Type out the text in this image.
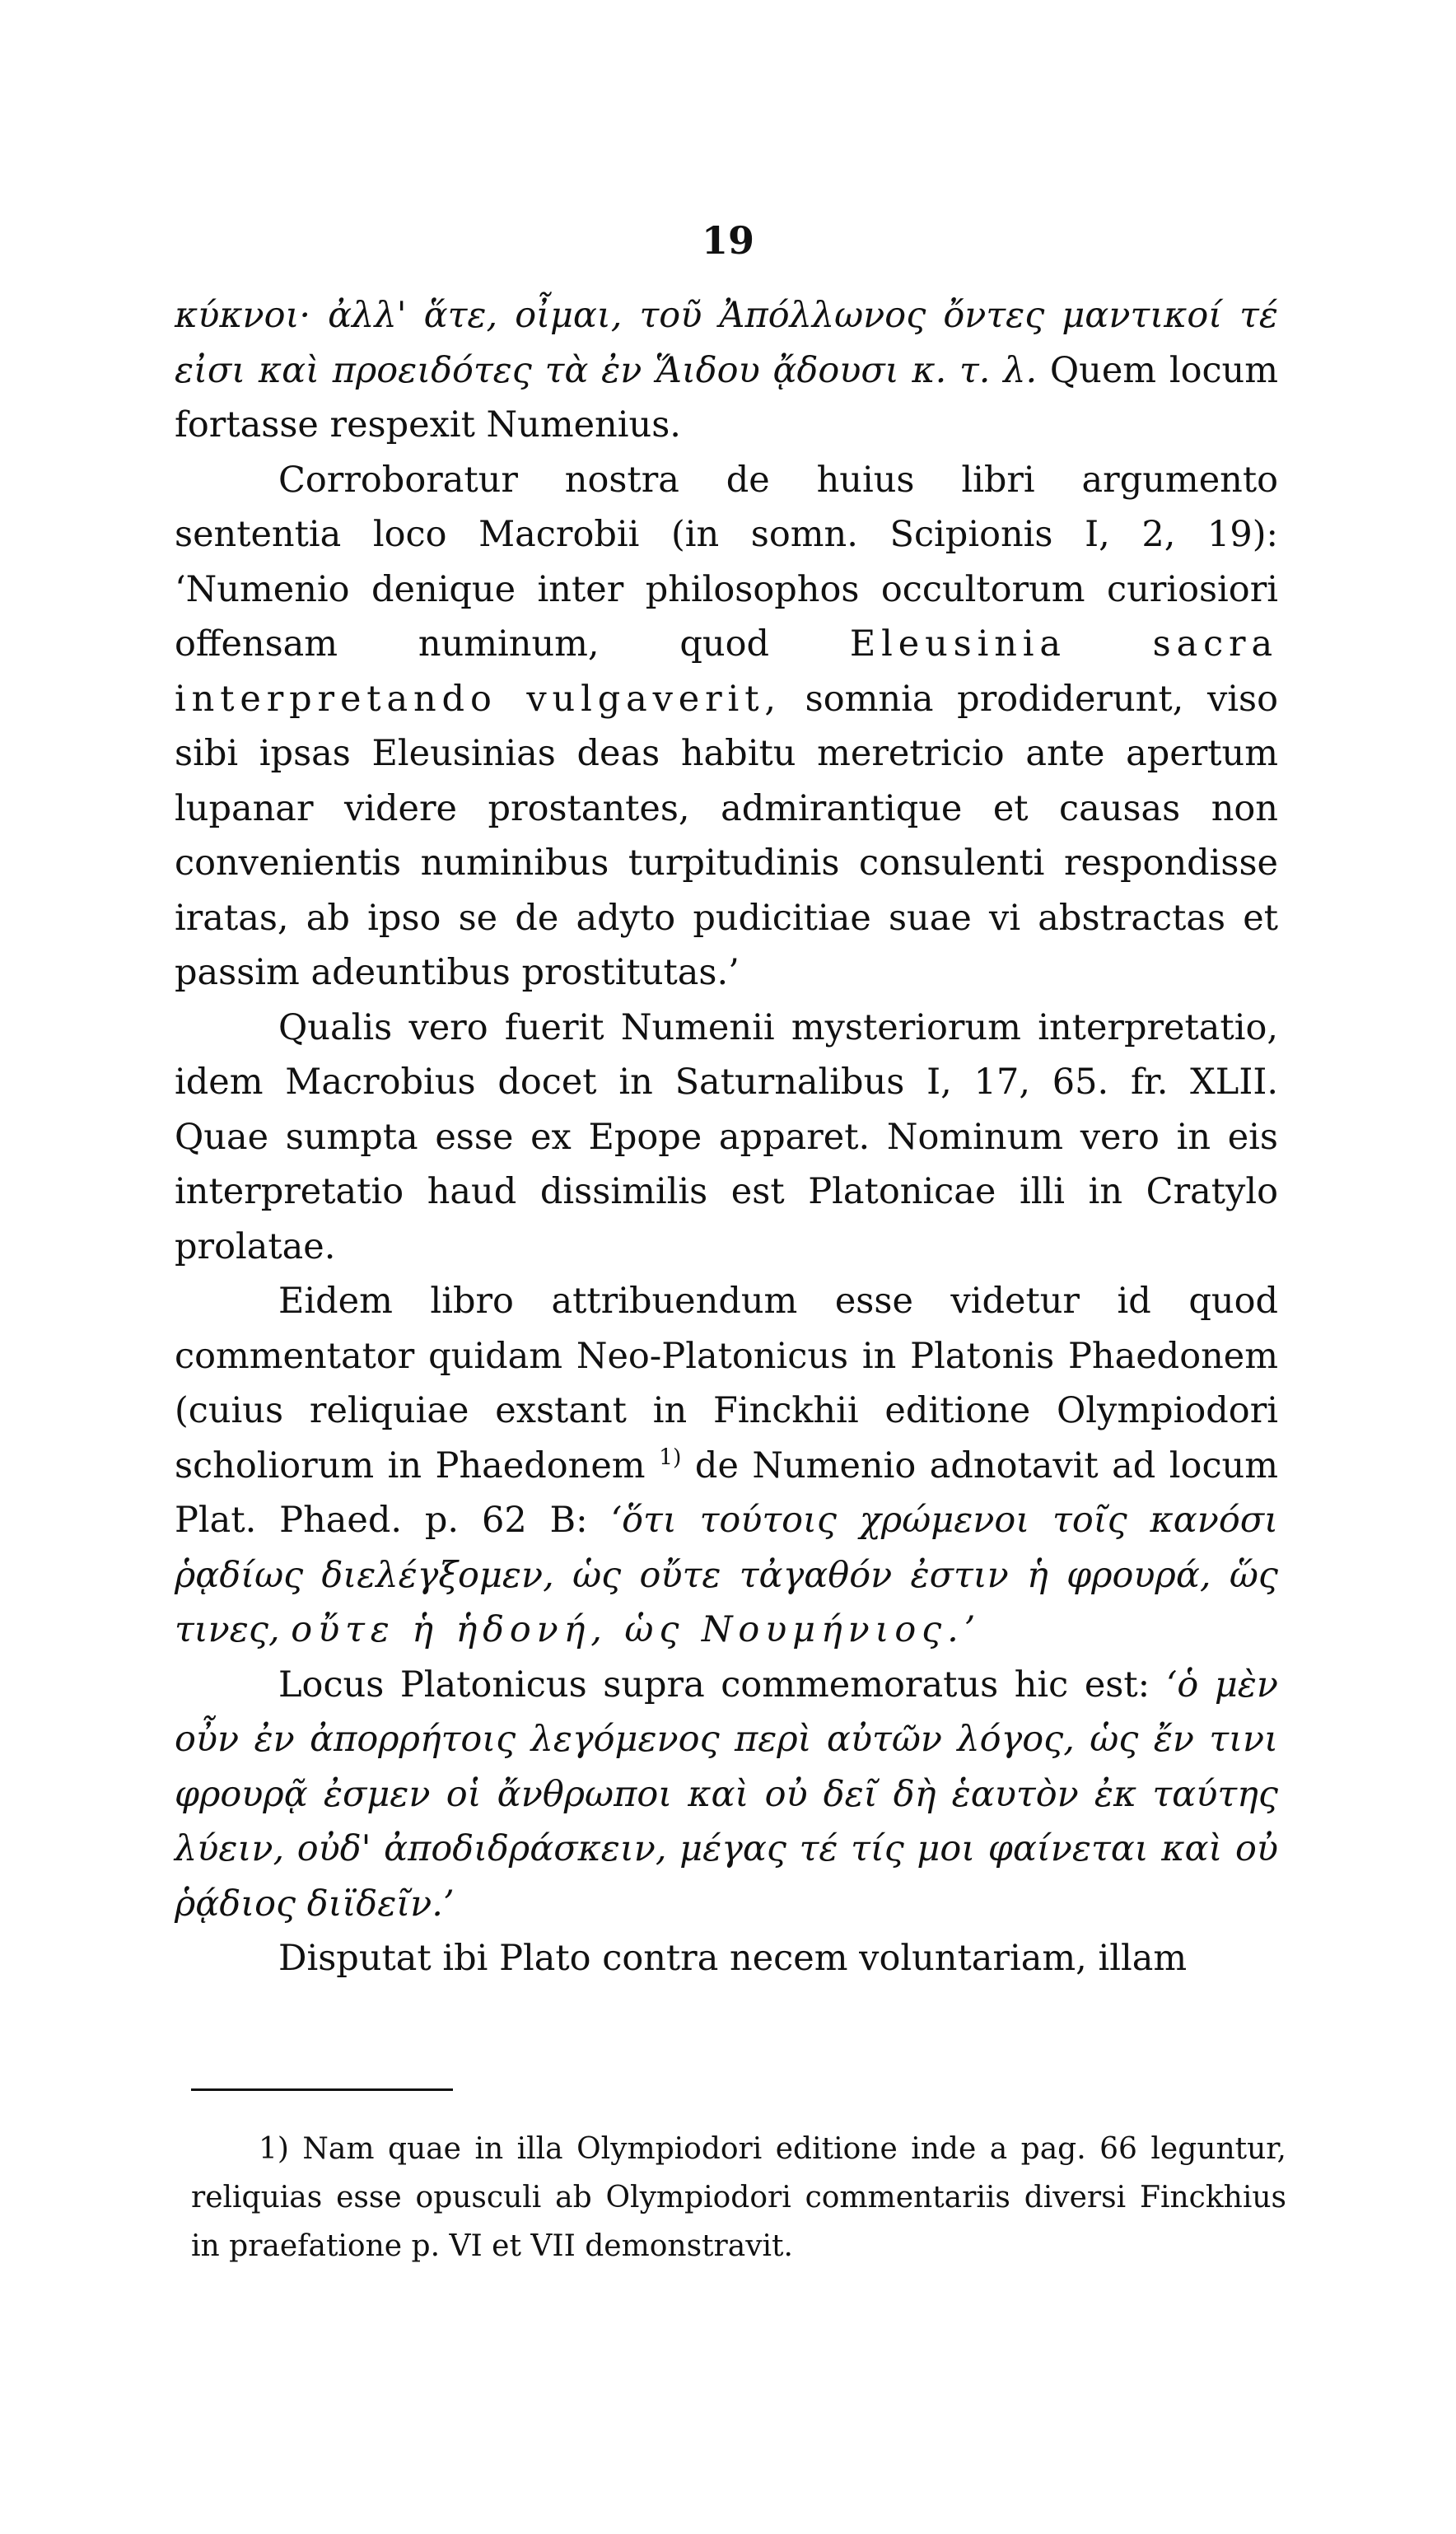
19

κύκνοι· ἀλλ' ἅτε, οἶμαι, τοῦ Ἀπόλλωνος ὄντες μαντικοί τέ εἰσι καὶ προειδότες τὰ ἐν Ἅιδου ᾄδουσι κ. τ. λ. Quem locum fortasse respexit Numenius.

Corroboratur nostra de huius libri argumento sententia loco Macrobii (in somn. Scipionis I, 2, 19): ‘Numenio denique inter philosophos occultorum curiosiori offensam numinum, quod Eleusinia sacra interpretando vulgaverit, somnia prodiderunt, viso sibi ipsas Eleusinias deas habitu meretricio ante apertum lupanar videre prostantes, admirantique et causas non convenientis numinibus turpitudinis consulenti respondisse iratas, ab ipso se de adyto pudicitiae suae vi abstractas et passim adeuntibus prostitutas.’

Qualis vero fuerit Numenii mysteriorum interpretatio, idem Macrobius docet in Saturnalibus I, 17, 65. fr. XLII. Quae sumpta esse ex Epope apparet. Nominum vero in eis interpretatio haud dissimilis est Platonicae illi in Cratylo prolatae.

Eidem libro attribuendum esse videtur id quod commentator quidam Neo-Platonicus in Platonis Phaedonem (cuius reliquiae exstant in Finckhii editione Olympiodori scholiorum in Phaedonem $^{1)}$ de Numenio adnotavit ad locum Plat. Phaed. p. 62 B: ‘ὅτι τούτοις χρώμενοι τοῖς κανόσι ῥᾳδίως διελέγξομεν, ὡς οὔτε τἀγαθόν ἐστιν ἡ φρουρά, ὥς τινες, οὔτε ἡ ἡδονή, ὡς Νουμήνιος.’

Locus Platonicus supra commemoratus hic est: ‘ὁ μὲν οὖν ἐν ἀπορρήτοις λεγόμενος περὶ αὐτῶν λόγος, ὡς ἔν τινι φρουρᾷ ἐσμεν οἱ ἄνθρωποι καὶ οὐ δεῖ δὴ ἑαυτὸν ἐκ ταύτης λύειν, οὐδ' ἀποδιδράσκειν, μέγας τέ τίς μοι φαίνεται καὶ οὐ ῥᾴδιος διϊδεῖν.’

Disputat ibi Plato contra necem voluntariam, illam

1) Nam quae in illa Olympiodori editione inde a pag. 66 leguntur, reliquias esse opusculi ab Olympiodori commentariis diversi Finckhius in praefatione p. VI et VII demonstravit.
